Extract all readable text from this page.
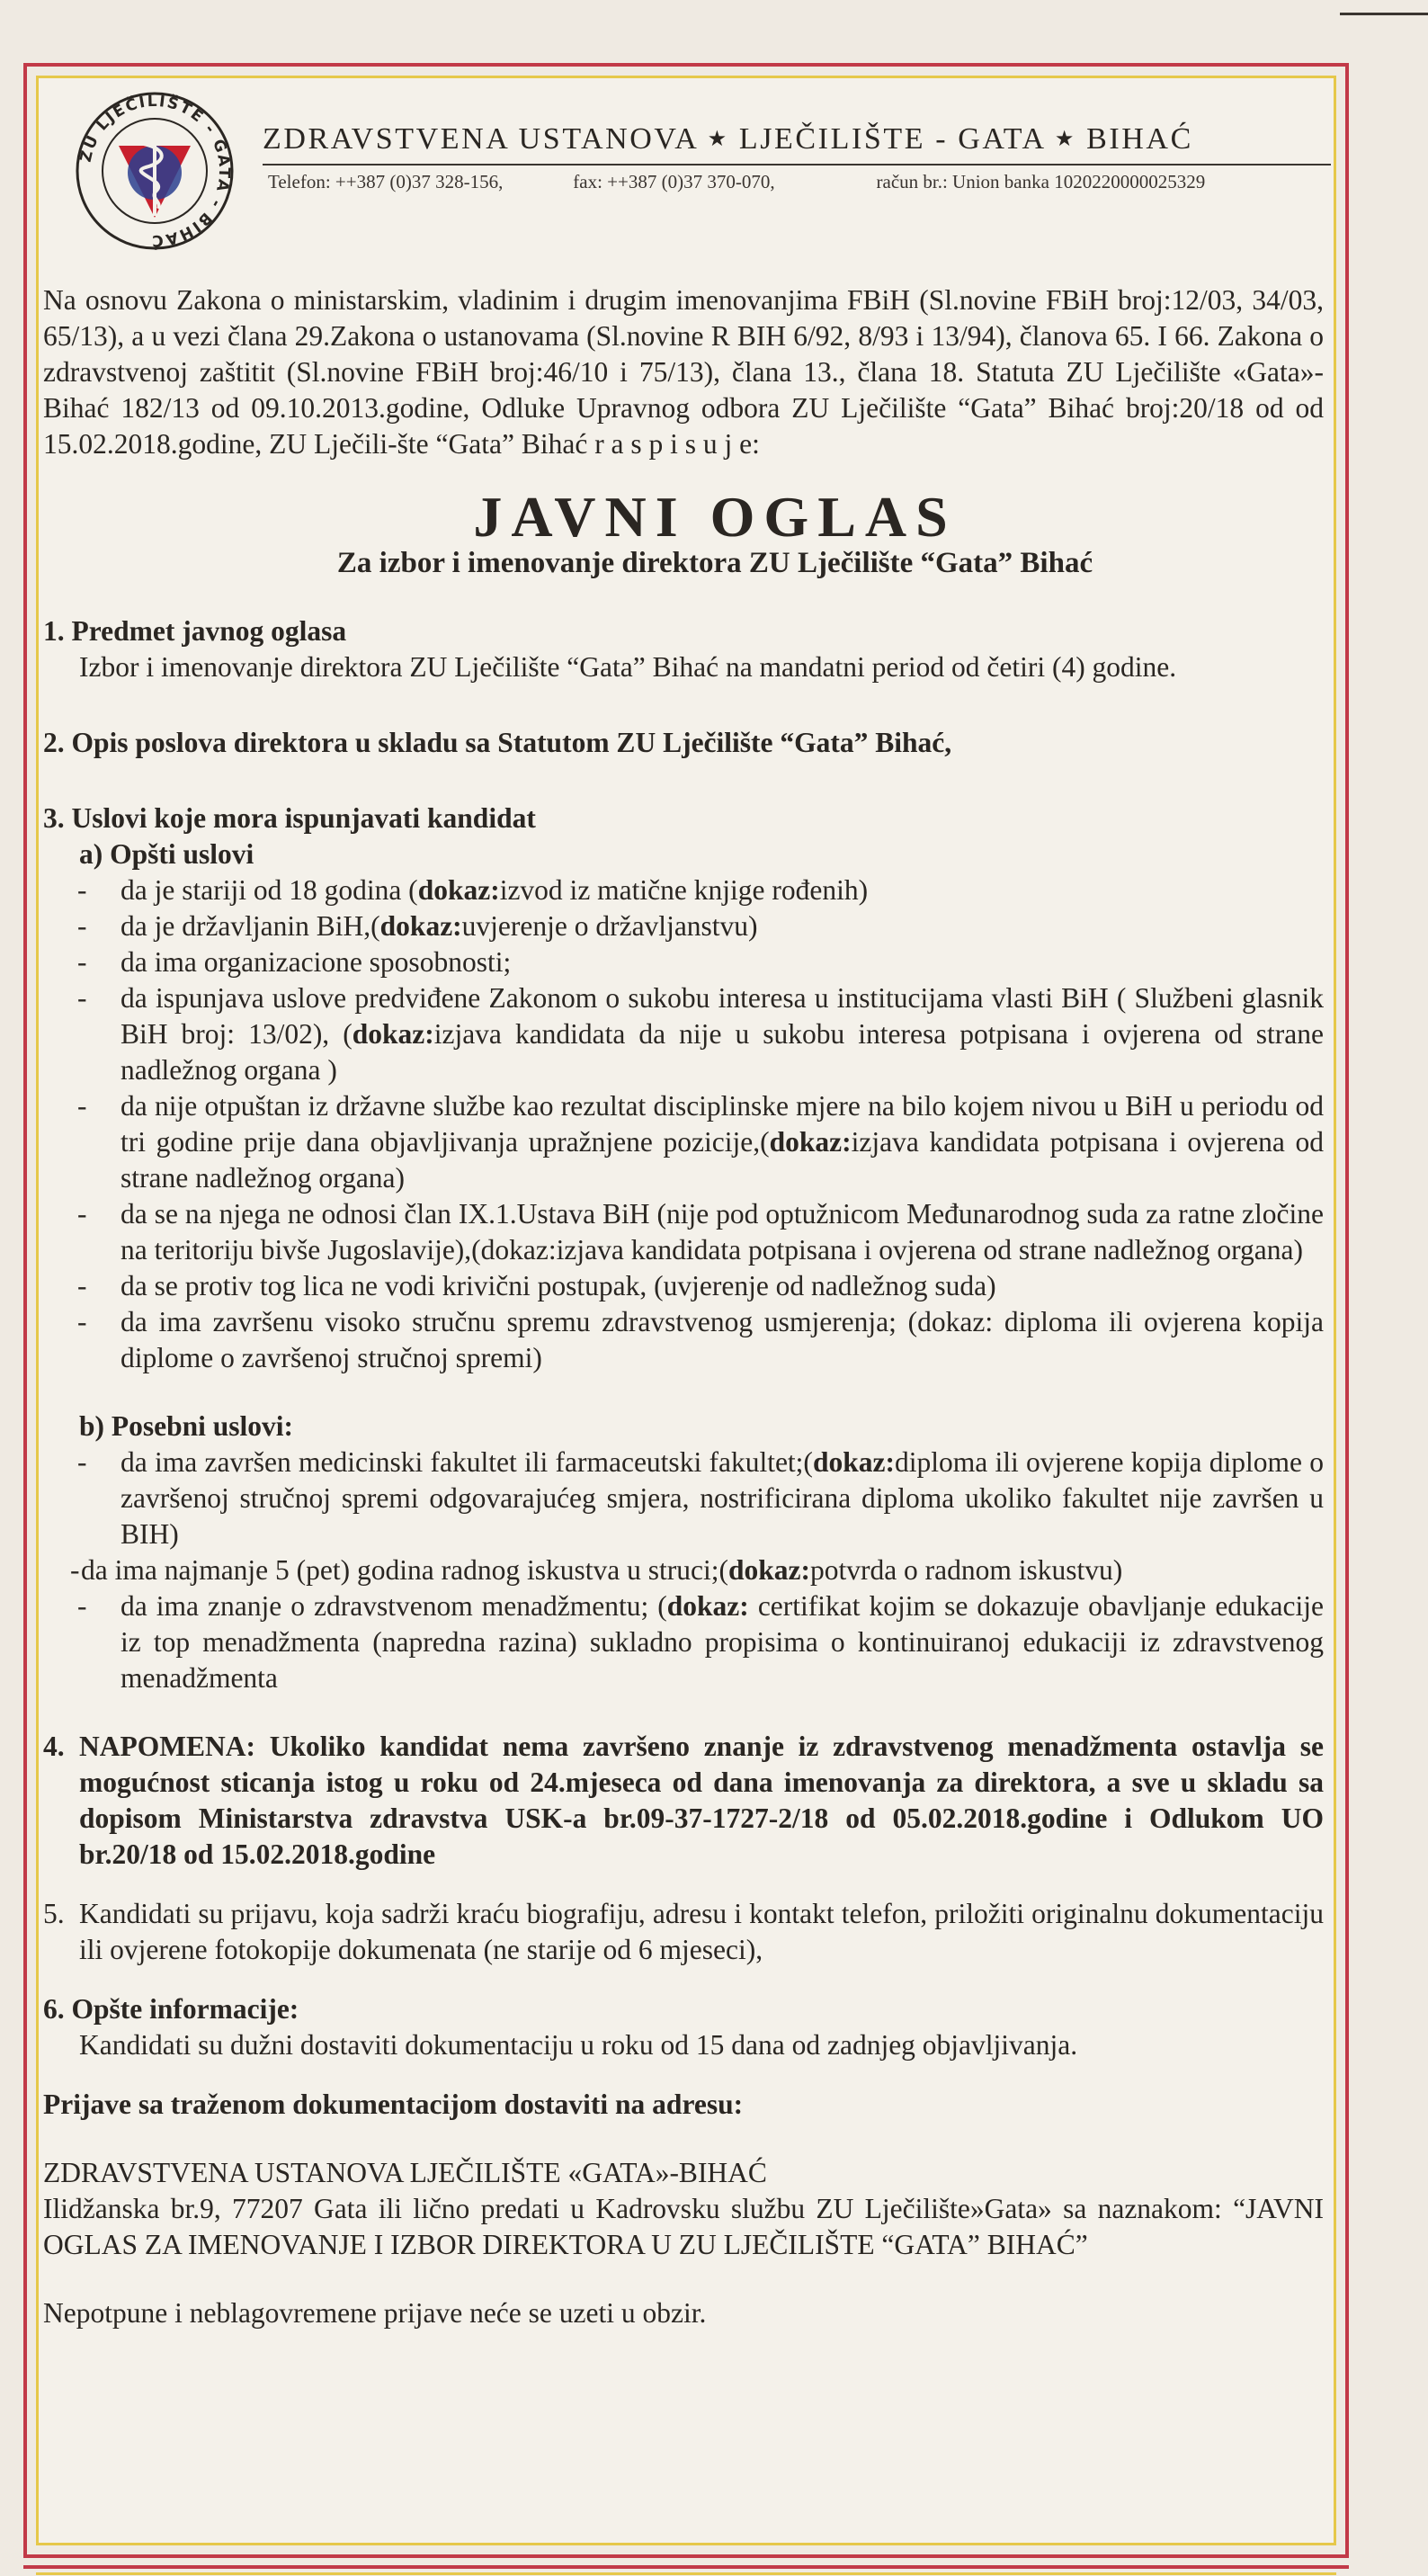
ZU LJEČILIŠTE - GATA - BIHAĆ
ZDRAVSTVENA USTANOVA ★ LJEČILIŠTE - GATA ★ BIHAĆ
Telefon: ++387 (0)37 328-156,	fax: ++387 (0)37 370-070,	račun br.: Union banka 1020220000025329

Na osnovu Zakona o ministarskim, vladinim i drugim imenovanjima FBiH (Sl.novine FBiH broj:12/03, 34/03, 65/13), a u vezi člana 29.Zakona o ustanovama (Sl.novine R BIH 6/92, 8/93 i 13/94), članova 65. I 66. Zakona o zdravstvenoj zaštitit (Sl.novine FBiH broj:46/10 i 75/13), člana 13., člana 18. Statuta ZU Lječilište «Gata»-Bihać 182/13 od 09.10.2013.godine, Odluke Upravnog odbora ZU Lječilište “Gata” Bihać broj:20/18 od od 15.02.2018.godine, ZU Lječili-šte “Gata” Bihać r a s p i s u j e:

JAVNI OGLAS
Za izbor i imenovanje direktora ZU Lječilište “Gata” Bihać
1. Predmet javnog oglasa
Izbor i imenovanje direktora ZU Lječilište “Gata” Bihać na mandatni period od četiri (4) godine.
2. Opis poslova direktora u skladu sa Statutom ZU Lječilište “Gata” Bihać,
3. Uslovi koje mora ispunjavati kandidat
a) Opšti uslovi
- da je stariji od 18 godina (dokaz:izvod iz matične knjige rođenih)
- da je državljanin BiH,(dokaz:uvjerenje o državljanstvu)
- da ima organizacione sposobnosti;
- da ispunjava uslove predviđene Zakonom o sukobu interesa u institucijama vlasti BiH ( Službeni glasnik BiH broj: 13/02), (dokaz:izjava kandidata da nije u sukobu interesa potpisana i ovjerena od strane nadležnog organa )
- da nije otpuštan iz državne službe kao rezultat disciplinske mjere na bilo kojem nivou u BiH u periodu od tri godine prije dana objavljivanja upražnjene pozicije,(dokaz:izjava kandidata potpisana i ovjerena od strane nadležnog organa)
- da se na njega ne odnosi član IX.1.Ustava BiH (nije pod optužnicom Međunarodnog suda za ratne zločine na teritoriju bivše Jugoslavije),(dokaz:izjava kandidata potpisana i ovjerena od strane nadležnog organa)
- da se protiv tog lica ne vodi krivični postupak, (uvjerenje od nadležnog suda)
- da ima završenu visoko stručnu spremu zdravstvenog usmjerenja; (dokaz: diploma ili ovjerena kopija diplome o završenoj stručnoj spremi)
b) Posebni uslovi:
- da ima završen medicinski fakultet ili farmaceutski fakultet;(dokaz:diploma ili ovjerene kopija diplome o završenoj stručnoj spremi odgovarajućeg smjera, nostrificirana diploma ukoliko fakultet nije završen u BIH)
- da ima najmanje 5 (pet) godina radnog iskustva u struci;(dokaz:potvrda o radnom iskustvu)
- da ima znanje o zdravstvenom menadžmentu; (dokaz: certifikat kojim se dokazuje obavljanje edukacije iz top menadžmenta (napredna razina) sukladno propisima o kontinuiranoj edukaciji iz zdravstvenog menadžmenta
4. NAPOMENA: Ukoliko kandidat nema završeno znanje iz zdravstvenog menadžmenta ostavlja se mogućnost sticanja istog u roku od 24.mjeseca od dana imenovanja za direktora, a sve u skladu sa dopisom Ministarstva zdravstva USK-a br.09-37-1727-2/18 od 05.02.2018.godine i Odlukom UO br.20/18 od 15.02.2018.godine
5. Kandidati su prijavu, koja sadrži kraću biografiju, adresu i kontakt telefon, priložiti originalnu dokumentaciju ili ovjerene fotokopije dokumenata (ne starije od 6 mjeseci),
6. Opšte informacije:
Kandidati su dužni dostaviti dokumentaciju u roku od 15 dana od zadnjeg objavljivanja.
Prijave sa traženom dokumentacijom dostaviti na adresu:
ZDRAVSTVENA USTANOVA LJEČILIŠTE «GATA»-BIHAĆ
Ilidžanska br.9, 77207 Gata ili lično predati u Kadrovsku službu ZU Lječilište»Gata» sa naznakom: “JAVNI OGLAS ZA IMENOVANJE I IZBOR DIREKTORA U ZU LJEČILIŠTE “GATA” BIHAĆ”
Nepotpune i neblagovremene prijave neće se uzeti u obzir.
